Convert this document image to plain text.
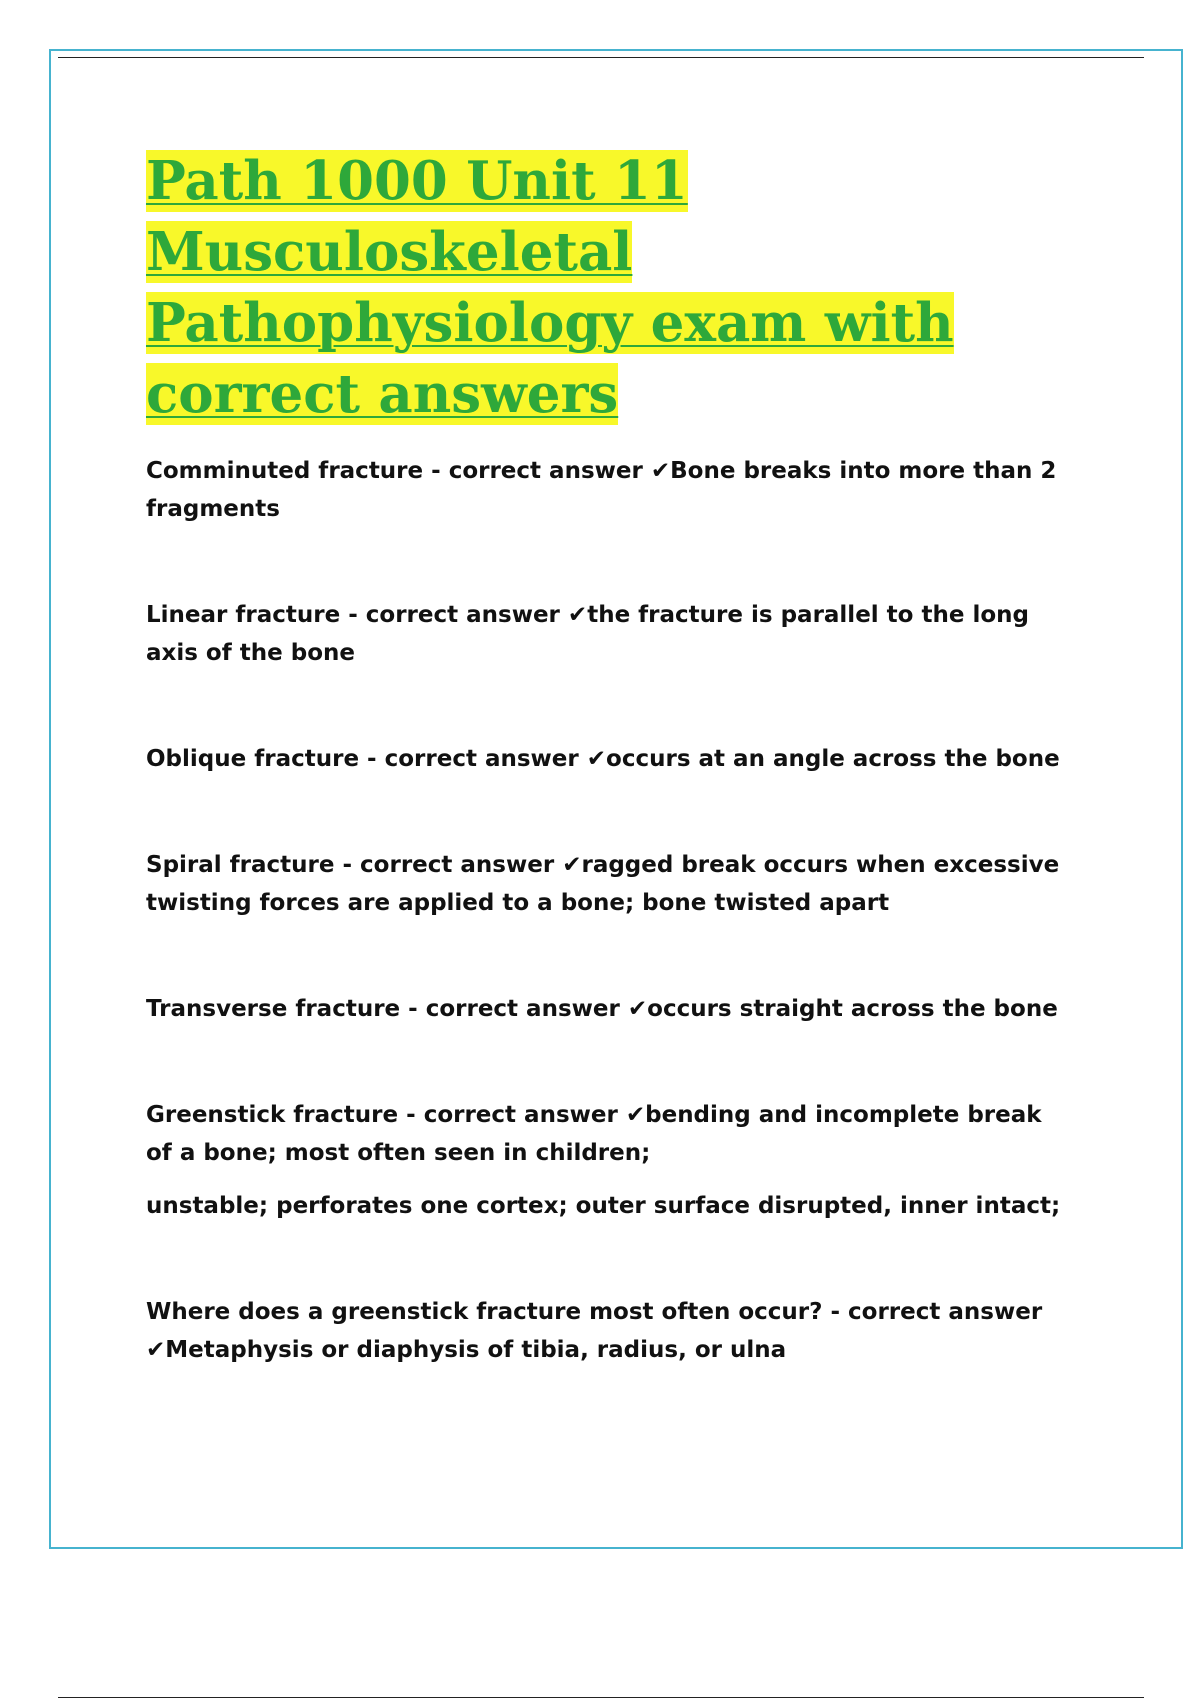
Path 1000 Unit 11 Musculoskeletal Pathophysiology exam with correct answers
Comminuted fracture - correct answer ✔Bone breaks into more than 2 fragments
Linear fracture - correct answer ✔the fracture is parallel to the long axis of the bone
Oblique fracture - correct answer ✔occurs at an angle across the bone
Spiral fracture - correct answer ✔ragged break occurs when excessive twisting forces are applied to a bone; bone twisted apart
Transverse fracture - correct answer ✔occurs straight across the bone
Greenstick fracture - correct answer ✔bending and incomplete break of a bone; most often seen in children;
unstable; perforates one cortex; outer surface disrupted, inner intact;
Where does a greenstick fracture most often occur? - correct answer ✔Metaphysis or diaphysis of tibia, radius, or ulna
